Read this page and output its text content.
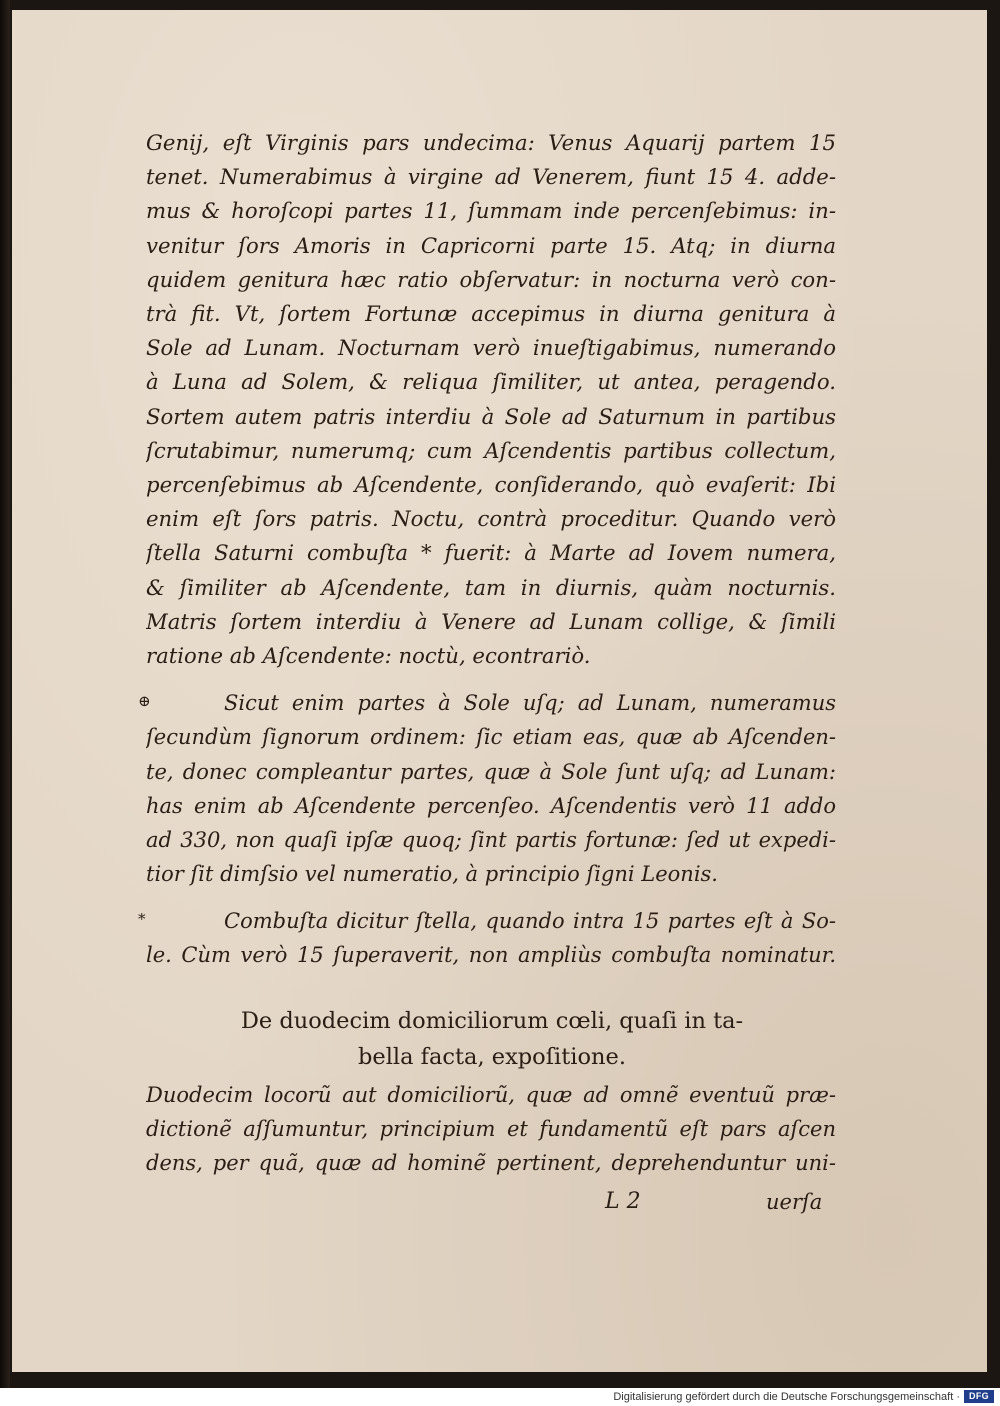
Genij, eſt Virginis pars undecima: Venus Aquarij partem 15
tenet. Numerabimus à virgine ad Venerem, fiunt 15 4. adde-
mus & horoſcopi partes 11, ſummam inde percenſebimus: in-
venitur ſors Amoris in Capricorni parte 15. Atq; in diurna
quidem genitura hæc ratio obſervatur: in nocturna verò con-
trà fit. Vt, ſortem Fortunæ accepimus in diurna genitura à
Sole ad Lunam. Nocturnam verò inueſtigabimus, numerando
à Luna ad Solem, & reliqua ſimiliter, ut antea, peragendo.
Sortem autem patris interdiu à Sole ad Saturnum in partibus
ſcrutabimur, numerumq; cum Aſcendentis partibus collectum,
percenſebimus ab Aſcendente, conſiderando, quò evaſerit: Ibi
enim eſt ſors patris. Noctu, contrà proceditur. Quando verò
ſtella Saturni combuſta * fuerit: à Marte ad Iovem numera,
& ſimiliter ab Aſcendente, tam in diurnis, quàm nocturnis.
Matris ſortem interdiu à Venere ad Lunam collige, & ſimili
ratione ab Aſcendente: noctù, econtrariò.
⊕	Sicut enim partes à Sole uſq; ad Lunam, numeramus
ſecundùm ſignorum ordinem: ſic etiam eas, quæ ab Aſcenden-
te, donec compleantur partes, quæ à Sole ſunt uſq; ad Lunam:
has enim ab Aſcendente percenſeo. Aſcendentis verò 11 addo
ad 330, non quaſi ipſæ quoq; ſint partis fortunæ: ſed ut expedi-
tior ſit dimſsio vel numeratio, à principio ſigni Leonis.
*	Combuſta dicitur ſtella, quando intra 15 partes eſt à So-
le. Cùm verò 15 ſuperaverit, non ampliùs combuſta nominatur.
De duodecim domiciliorum cœli, quaſi in ta-
bella facta, expoſitione.
Duodecim locorũ aut domiciliorũ, quæ ad omnẽ eventuũ præ-
dictionẽ aſſumuntur, principium et fundamentũ eſt pars aſcen
dens, per quã, quæ ad hominẽ pertinent, deprehenduntur uni-
L 2	uerſa
Digitalisierung gefördert durch die Deutsche Forschungsgemeinschaft ·	DFG
